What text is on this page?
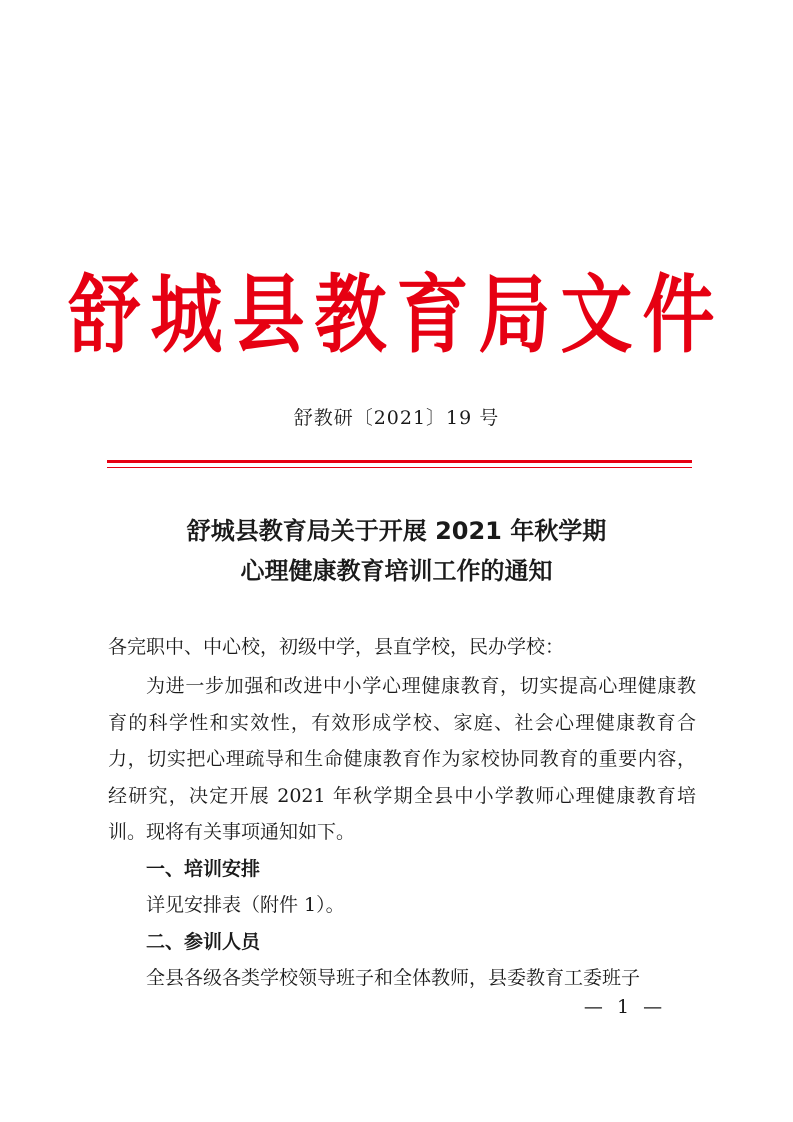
舒城县教育局文件
舒教研〔2021〕19 号
舒城县教育局关于开展 2021 年秋学期
心理健康教育培训工作的通知
各完职中、中心校，初级中学，县直学校，民办学校：

为进一步加强和改进中小学心理健康教育，切实提高心理健康教育的科学性和实效性，有效形成学校、家庭、社会心理健康教育合力，切实把心理疏导和生命健康教育作为家校协同教育的重要内容，经研究，决定开展 2021 年秋学期全县中小学教师心理健康教育培训。现将有关事项通知如下。

一、培训安排

详见安排表（附件 1）。

二、参训人员

全县各级各类学校领导班子和全体教师，县委教育工委班子

— 1 —
